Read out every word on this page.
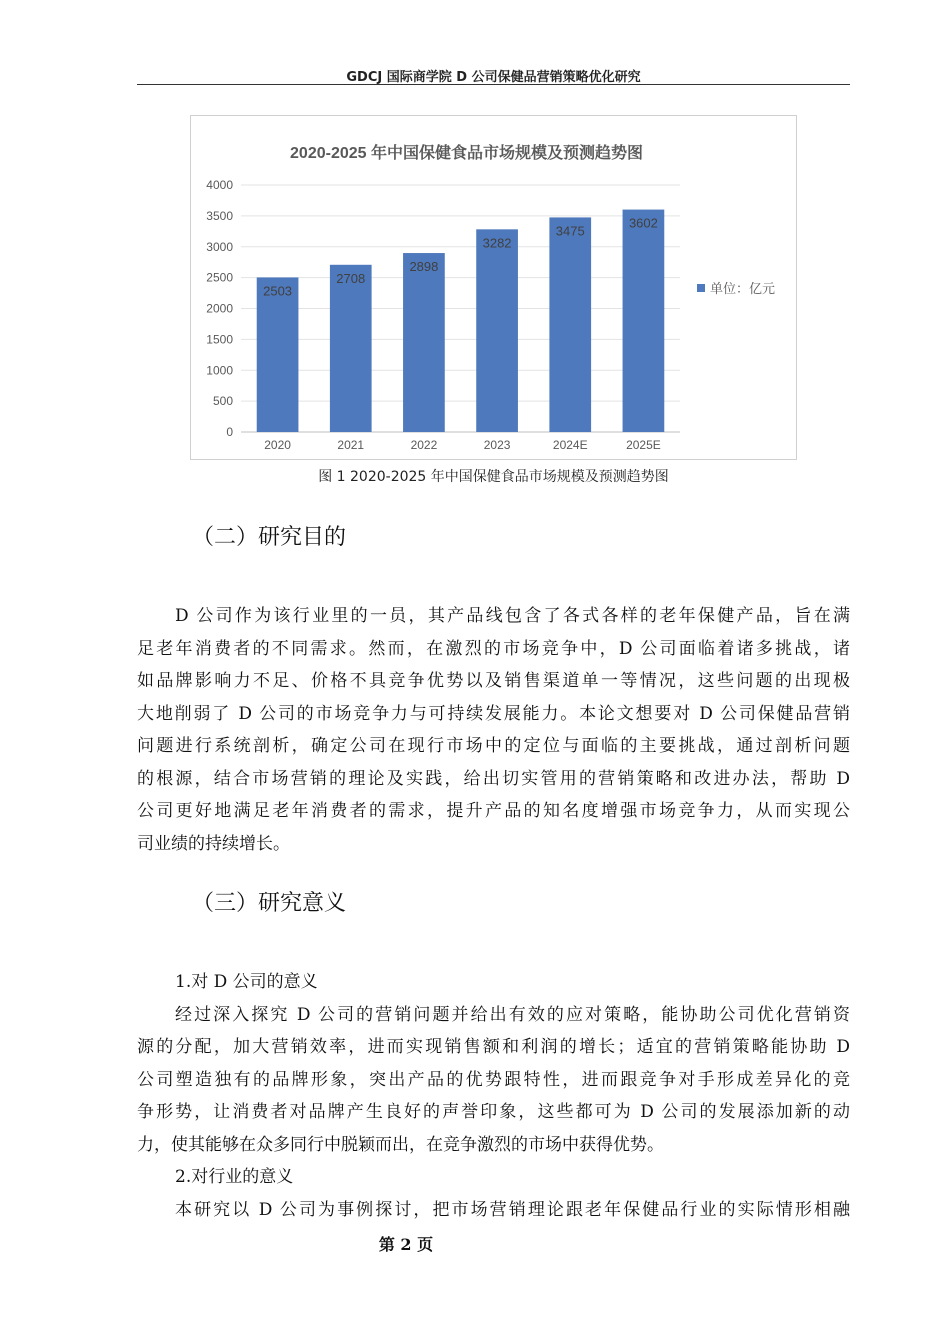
GDCJ 国际商学院 D 公司保健品营销策略优化研究
2020-2025 年中国保健食品市场规模及预测趋势图
0
500
1000
1500
2000
2500
3000
3500
4000
2503
2020
2708
2021
2898
2022
3282
2023
3475
2024E
3602
2025E
单位：亿元
图 1 2020-2025 年中国保健食品市场规模及预测趋势图
（二）研究目的
D 公司作为该行业里的一员，其产品线包含了各式各样的老年保健产品，旨在满
足老年消费者的不同需求。然而，在激烈的市场竞争中，D 公司面临着诸多挑战，诸
如品牌影响力不足、价格不具竞争优势以及销售渠道单一等情况，这些问题的出现极
大地削弱了 D 公司的市场竞争力与可持续发展能力。本论文想要对 D 公司保健品营销
问题进行系统剖析，确定公司在现行市场中的定位与面临的主要挑战，通过剖析问题
的根源，结合市场营销的理论及实践，给出切实管用的营销策略和改进办法，帮助 D
公司更好地满足老年消费者的需求，提升产品的知名度增强市场竞争力，从而实现公
司业绩的持续增长。
（三）研究意义
1.对 D 公司的意义
经过深入探究 D 公司的营销问题并给出有效的应对策略，能协助公司优化营销资
源的分配，加大营销效率，进而实现销售额和利润的增长；适宜的营销策略能协助 D
公司塑造独有的品牌形象，突出产品的优势跟特性，进而跟竞争对手形成差异化的竞
争形势，让消费者对品牌产生良好的声誉印象，这些都可为 D 公司的发展添加新的动
力，使其能够在众多同行中脱颖而出，在竞争激烈的市场中获得优势。
2.对行业的意义
本研究以 D 公司为事例探讨，把市场营销理论跟老年保健品行业的实际情形相融
第 2 页
